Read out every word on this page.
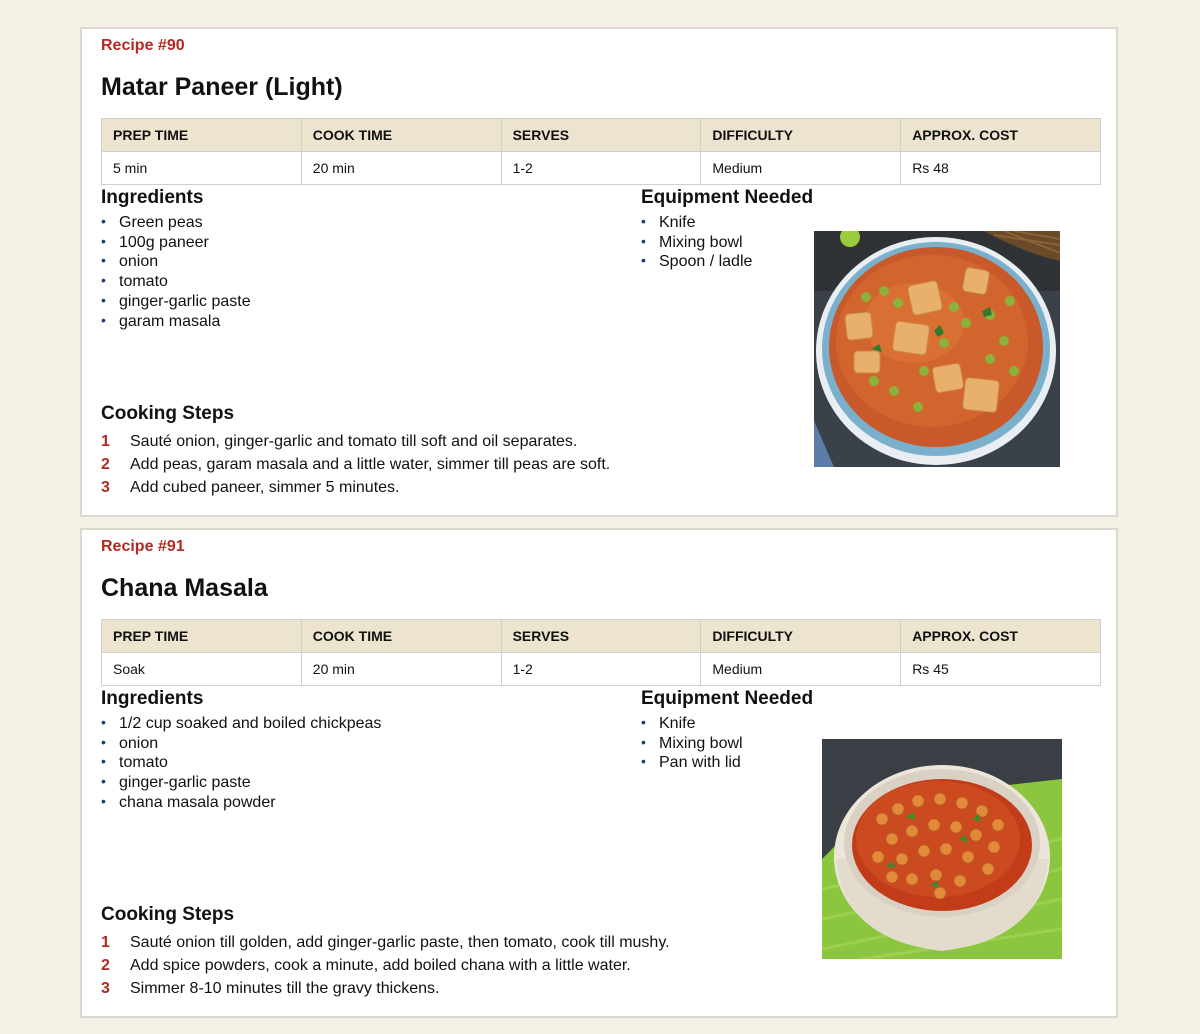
Recipe #90
Matar Paneer (Light)
PREP TIME	COOK TIME	SERVES	DIFFICULTY	APPROX. COST
5 min	20 min	1-2	Medium	Rs 48
Ingredients
• Green peas
• 100g paneer
• onion
• tomato
• ginger-garlic paste
• garam masala
Equipment Needed
• Knife
• Mixing bowl
• Spoon / ladle
Cooking Steps
1 Sauté onion, ginger-garlic and tomato till soft and oil separates.
2 Add peas, garam masala and a little water, simmer till peas are soft.
3 Add cubed paneer, simmer 5 minutes.
Recipe #91
Chana Masala
PREP TIME	COOK TIME	SERVES	DIFFICULTY	APPROX. COST
Soak	20 min	1-2	Medium	Rs 45
Ingredients
• 1/2 cup soaked and boiled chickpeas
• onion
• tomato
• ginger-garlic paste
• chana masala powder
Equipment Needed
• Knife
• Mixing bowl
• Pan with lid
Cooking Steps
1 Sauté onion till golden, add ginger-garlic paste, then tomato, cook till mushy.
2 Add spice powders, cook a minute, add boiled chana with a little water.
3 Simmer 8-10 minutes till the gravy thickens.
